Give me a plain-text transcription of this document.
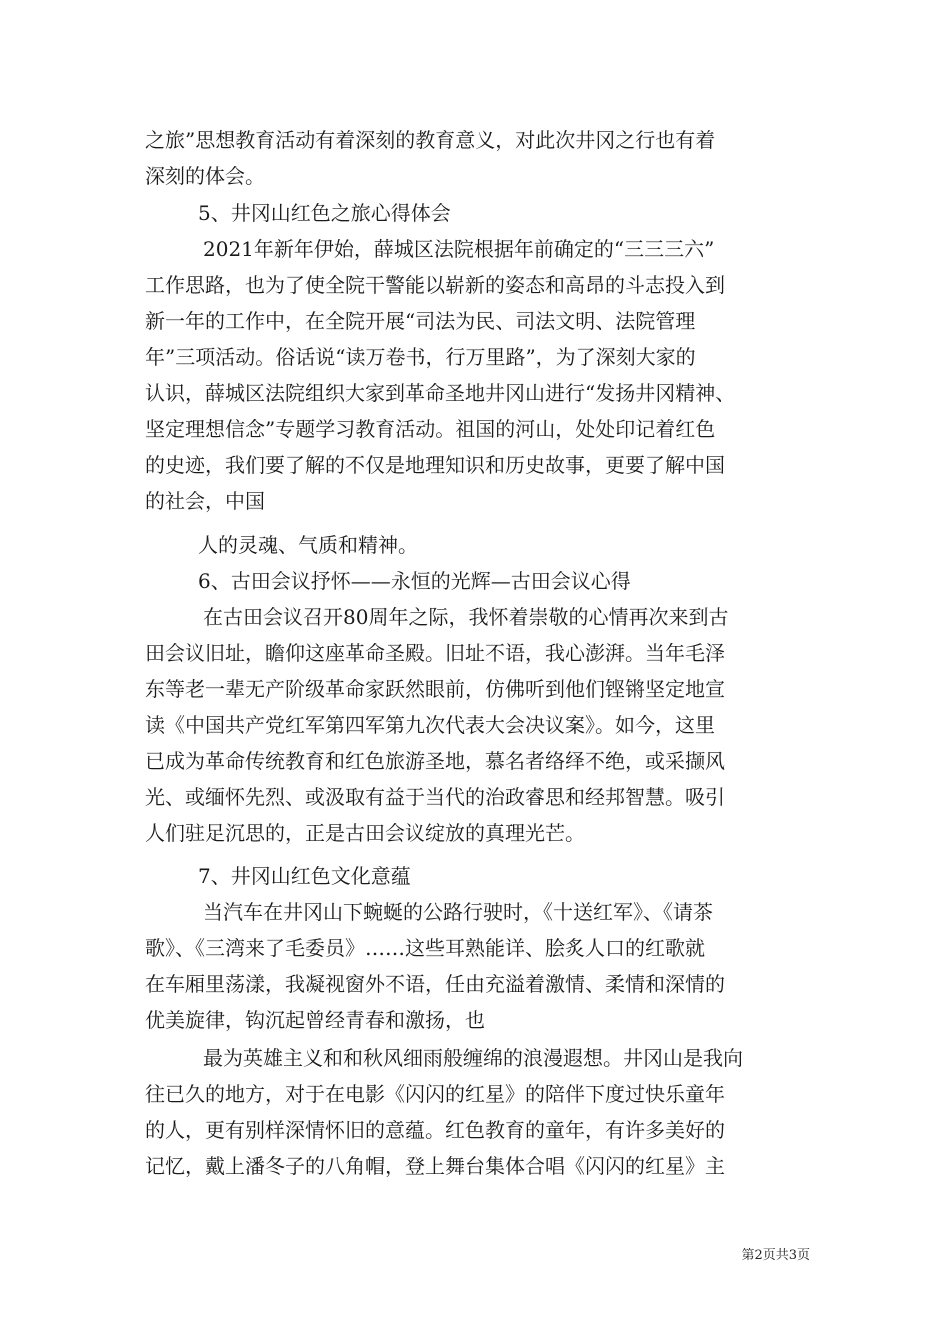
之旅”思想教育活动有着深刻的教育意义，对此次井冈之行也有着
深刻的体会。
5、井冈山红色之旅心得体会
2021年新年伊始，薛城区法院根据年前确定的“三三三六”
工作思路，也为了使全院干警能以崭新的姿态和高昂的斗志投入到
新一年的工作中，在全院开展“司法为民、司法文明、法院管理
年”三项活动。俗话说“读万卷书，行万里路”，为了深刻大家的
认识，薛城区法院组织大家到革命圣地井冈山进行“发扬井冈精神、
坚定理想信念”专题学习教育活动。祖国的河山，处处印记着红色
的史迹，我们要了解的不仅是地理知识和历史故事，更要了解中国
的社会，中国
人的灵魂、气质和精神。
6、古田会议抒怀——永恒的光辉—古田会议心得
在古田会议召开80周年之际，我怀着崇敬的心情再次来到古
田会议旧址，瞻仰这座革命圣殿。旧址不语，我心澎湃。当年毛泽
东等老一辈无产阶级革命家跃然眼前，仿佛听到他们铿锵坚定地宣
读《中国共产党红军第四军第九次代表大会决议案》。如今，这里
已成为革命传统教育和红色旅游圣地，慕名者络绎不绝，或采撷风
光、或缅怀先烈、或汲取有益于当代的治政睿思和经邦智慧。吸引
人们驻足沉思的，正是古田会议绽放的真理光芒。
7、井冈山红色文化意蕴
当汽车在井冈山下蜿蜒的公路行驶时，《十送红军》、《请茶
歌》、《三湾来了毛委员》……这些耳熟能详、脍炙人口的红歌就
在车厢里荡漾，我凝视窗外不语，任由充溢着激情、柔情和深情的
优美旋律，钩沉起曾经青春和激扬，也
最为英雄主义和和秋风细雨般缠绵的浪漫遐想。井冈山是我向
往已久的地方，对于在电影《闪闪的红星》的陪伴下度过快乐童年
的人，更有别样深情怀旧的意蕴。红色教育的童年，有许多美好的
记忆，戴上潘冬子的八角帽，登上舞台集体合唱《闪闪的红星》主
第2页共3页
